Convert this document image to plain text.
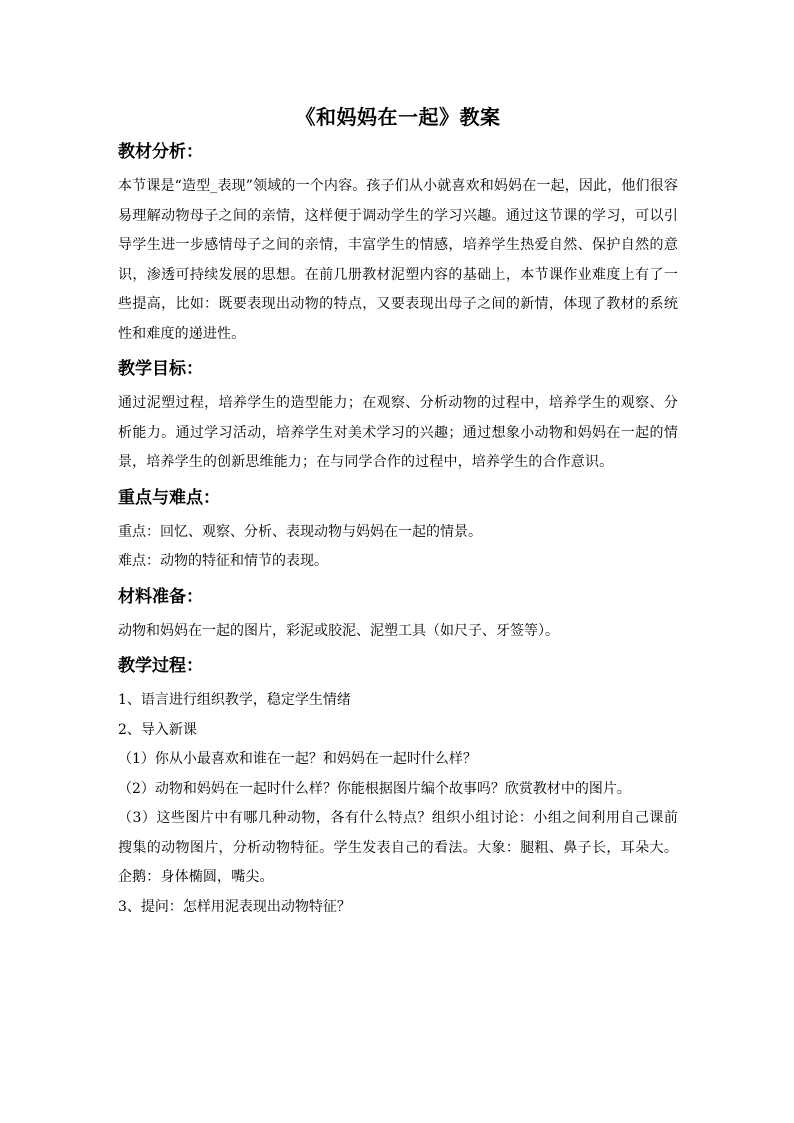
《和妈妈在一起》教案
教材分析：

本节课是“造型_表现”领域的一个内容。孩子们从小就喜欢和妈妈在一起，因此，他们很容易理解动物母子之间的亲情，这样便于调动学生的学习兴趣。通过这节课的学习，可以引导学生进一步感情母子之间的亲情，丰富学生的情感，培养学生热爱自然、保护自然的意识，渗透可持续发展的思想。在前几册教材泥塑内容的基础上，本节课作业难度上有了一些提高，比如：既要表现出动物的特点，又要表现出母子之间的新情，体现了教材的系统性和难度的递进性。

教学目标：

通过泥塑过程，培养学生的造型能力；在观察、分析动物的过程中，培养学生的观察、分析能力。通过学习活动，培养学生对美术学习的兴趣；通过想象小动物和妈妈在一起的情景，培养学生的创新思维能力；在与同学合作的过程中，培养学生的合作意识。

重点与难点：

重点：回忆、观察、分析、表现动物与妈妈在一起的情景。

难点：动物的特征和情节的表现。

材料准备：

动物和妈妈在一起的图片，彩泥或胶泥、泥塑工具（如尺子、牙签等）。

教学过程：

1、语言进行组织教学，稳定学生情绪

2、导入新课

（1）你从小最喜欢和谁在一起？和妈妈在一起时什么样？

（2）动物和妈妈在一起时什么样？你能根据图片编个故事吗？欣赏教材中的图片。

（3）这些图片中有哪几种动物，各有什么特点？组织小组讨论：小组之间利用自己课前搜集的动物图片，分析动物特征。学生发表自己的看法。大象：腿粗、鼻子长，耳朵大。企鹅：身体椭圆，嘴尖。

3、提问：怎样用泥表现出动物特征？
